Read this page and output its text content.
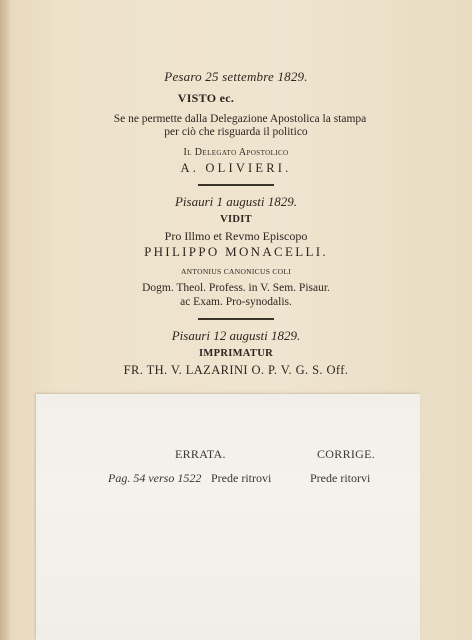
Pesaro 25 settembre 1829.
VISTO ec.
Se ne permette dalla Delegazione Apostolica la stampa
per ciò che risguarda il politico
Il Delegato Apostolico
A. OLIVIERI.
Pisauri 1 augusti 1829.
VIDIT
Pro Illmo et Revmo Episcopo
PHILIPPO MONACELLI.
ANTONIUS CANONICUS COLI
Dogm. Theol. Profess. in V. Sem. Pisaur.
ac Exam. Pro-synodalis.
Pisauri 12 augusti 1829.
IMPRIMATUR
FR. TH. V. LAZARINI O. P. V. G. S. Off.
ERRATA.	CORRIGE.
Pag. 54 verso 1522 Prede ritrovi	Prede ritorvi
